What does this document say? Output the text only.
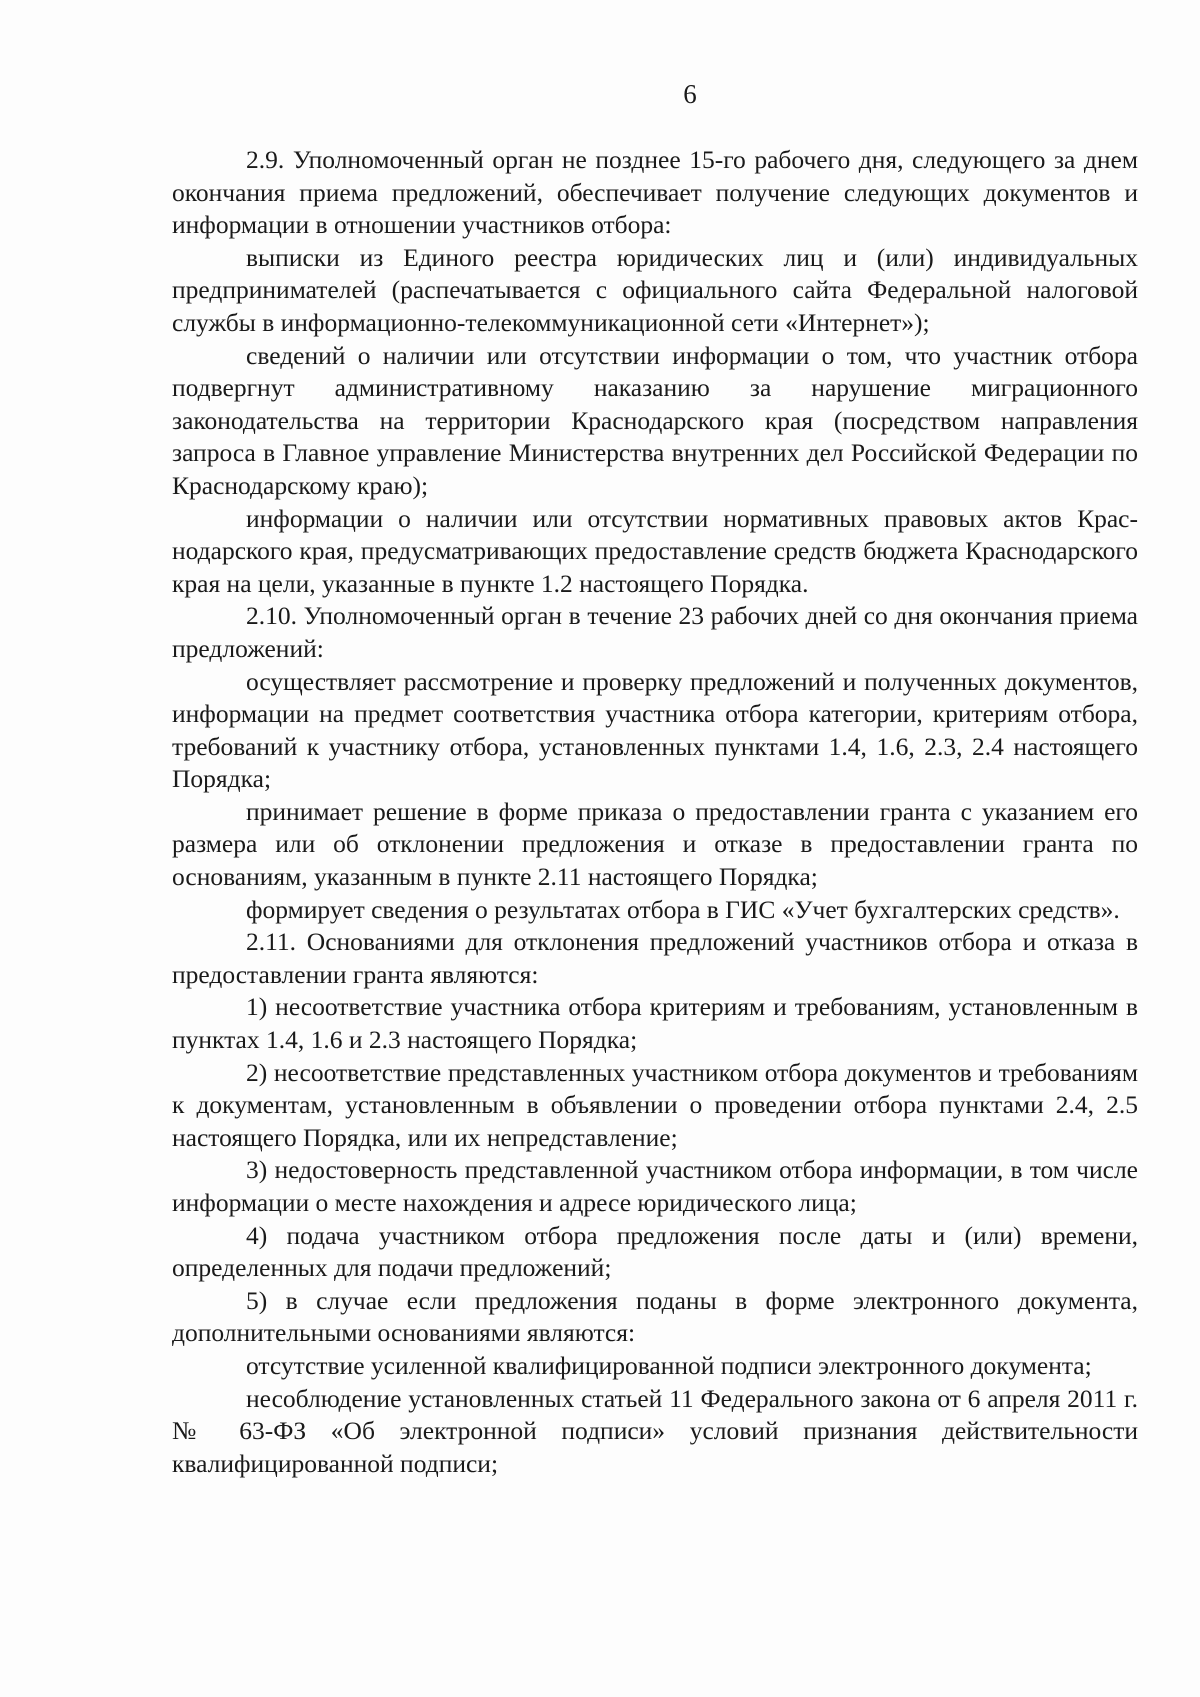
6

2.9. Уполномоченный орган не позднее 15-го рабочего дня, следующего за днем окончания приема предложений, обеспечивает получение следующих документов и информации в отношении участников отбора:

выписки из Единого реестра юридических лиц и (или) индивидуальных предпринимателей (распечатывается с официального сайта Федеральной налоговой службы в информационно-телекоммуникационной сети «Интернет»);

сведений о наличии или отсутствии информации о том, что участник отбора подвергнут административному наказанию за нарушение миграционного законодательства на территории Краснодарского края (посредством направления запроса в Главное управление Министерства внутренних дел Российской Федерации по Краснодарскому краю);

информации о наличии или отсутствии нормативных правовых актов Краснодарского края, предусматривающих предоставление средств бюджета Краснодарского края на цели, указанные в пункте 1.2 настоящего Порядка.

2.10. Уполномоченный орган в течение 23 рабочих дней со дня окончания приема предложений:

осуществляет рассмотрение и проверку предложений и полученных документов, информации на предмет соответствия участника отбора категории, критериям отбора, требований к участнику отбора, установленных пунктами 1.4, 1.6, 2.3, 2.4 настоящего Порядка;

принимает решение в форме приказа о предоставлении гранта с указанием его размера или об отклонении предложения и отказе в предоставлении гранта по основаниям, указанным в пункте 2.11 настоящего Порядка;

формирует сведения о результатах отбора в ГИС «Учет бухгалтерских средств».

2.11. Основаниями для отклонения предложений участников отбора и отказа в предоставлении гранта являются:

1) несоответствие участника отбора критериям и требованиям, установленным в пунктах 1.4, 1.6 и 2.3 настоящего Порядка;

2) несоответствие представленных участником отбора документов и требованиям к документам, установленным в объявлении о проведении отбора пунктами 2.4, 2.5 настоящего Порядка, или их непредставление;

3) недостоверность представленной участником отбора информации, в том числе информации о месте нахождения и адресе юридического лица;

4) подача участником отбора предложения после даты и (или) времени, определенных для подачи предложений;

5) в случае если предложения поданы в форме электронного документа, дополнительными основаниями являются:

отсутствие усиленной квалифицированной подписи электронного документа;

несоблюдение установленных статьей 11 Федерального закона от 6 апреля 2011 г. № 63-ФЗ «Об электронной подписи» условий признания действительности квалифицированной подписи;
